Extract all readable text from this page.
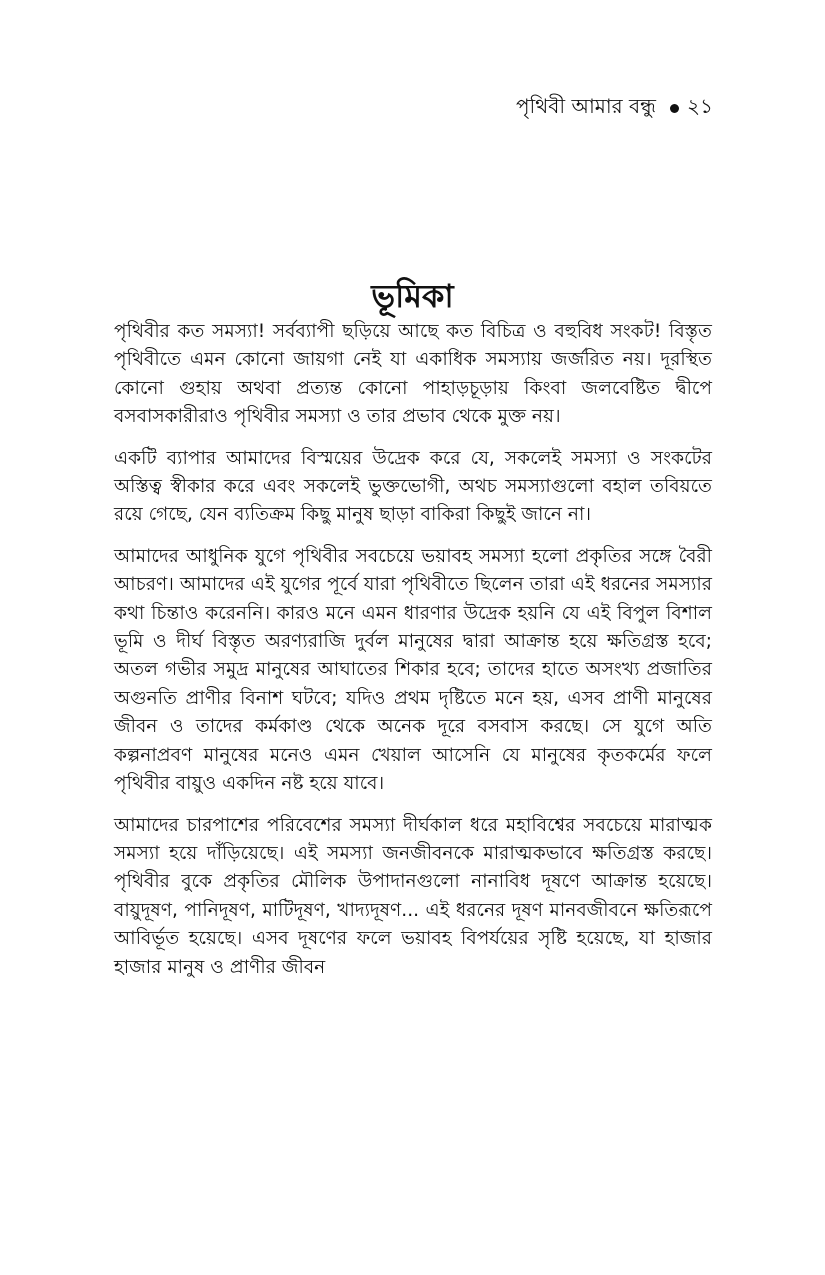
পৃথিবী আমার বন্ধু ২১
ভূমিকা

পৃথিবীর কত সমস্যা! সর্বব্যাপী ছড়িয়ে আছে কত বিচিত্র ও বহুবিধ সংকট! বিস্তৃত পৃথিবীতে এমন কোনো জায়গা নেই যা একাধিক সমস্যায় জর্জরিত নয়। দূরস্থিত কোনো গুহায় অথবা প্রত্যন্ত কোনো পাহাড়চূড়ায় কিংবা জলবেষ্টিত দ্বীপে বসবাসকারীরাও পৃথিবীর সমস্যা ও তার প্রভাব থেকে মুক্ত নয়।

একটি ব্যাপার আমাদের বিস্ময়ের উদ্রেক করে যে, সকলেই সমস্যা ও সংকটের অস্তিত্ব স্বীকার করে এবং সকলেই ভুক্তভোগী, অথচ সমস্যাগুলো বহাল তবিয়তে রয়ে গেছে, যেন ব্যতিক্রম কিছু মানুষ ছাড়া বাকিরা কিছুই জানে না।

আমাদের আধুনিক যুগে পৃথিবীর সবচেয়ে ভয়াবহ সমস্যা হলো প্রকৃতির সঙ্গে বৈরী আচরণ। আমাদের এই যুগের পূর্বে যারা পৃথিবীতে ছিলেন তারা এই ধরনের সমস্যার কথা চিন্তাও করেননি। কারও মনে এমন ধারণার উদ্রেক হয়নি যে এই বিপুল বিশাল ভূমি ও দীর্ঘ বিস্তৃত অরণ্যরাজি দুর্বল মানুষের দ্বারা আক্রান্ত হয়ে ক্ষতিগ্রস্ত হবে; অতল গভীর সমুদ্র মানুষের আঘাতের শিকার হবে; তাদের হাতে অসংখ্য প্রজাতির অগুনতি প্রাণীর বিনাশ ঘটবে; যদিও প্রথম দৃষ্টিতে মনে হয়, এসব প্রাণী মানুষের জীবন ও তাদের কর্মকাণ্ড থেকে অনেক দূরে বসবাস করছে। সে যুগে অতি কল্পনাপ্রবণ মানুষের মনেও এমন খেয়াল আসেনি যে মানুষের কৃতকর্মের ফলে পৃথিবীর বায়ুও একদিন নষ্ট হয়ে যাবে।

আমাদের চারপাশের পরিবেশের সমস্যা দীর্ঘকাল ধরে মহাবিশ্বের সবচেয়ে মারাত্মক সমস্যা হয়ে দাঁড়িয়েছে। এই সমস্যা জনজীবনকে মারাত্মকভাবে ক্ষতিগ্রস্ত করছে। পৃথিবীর বুকে প্রকৃতির মৌলিক উপাদানগুলো নানাবিধ দূষণে আক্রান্ত হয়েছে। বায়ুদূষণ, পানিদূষণ, মাটিদূষণ, খাদ্যদূষণ... এই ধরনের দূষণ মানবজীবনে ক্ষতিরূপে আবির্ভূত হয়েছে। এসব দূষণের ফলে ভয়াবহ বিপর্যয়ের সৃষ্টি হয়েছে, যা হাজার হাজার মানুষ ও প্রাণীর জীবন
